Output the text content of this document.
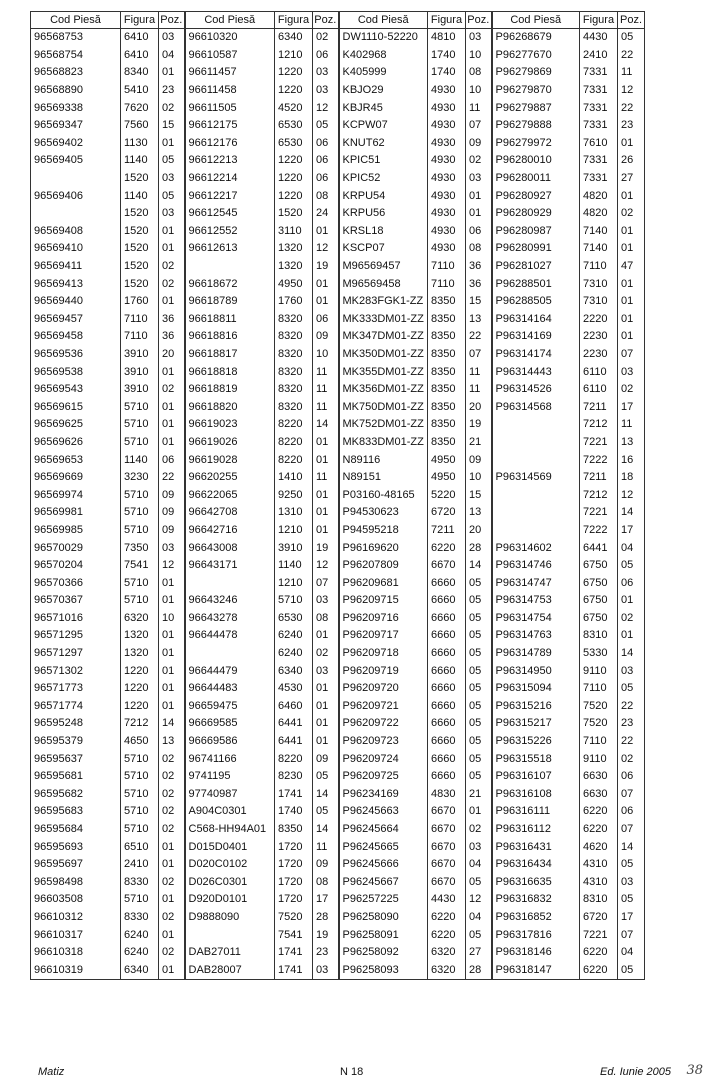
Cod Piesă	Figura	Poz.	Cod Piesă	Figura	Poz.	Cod Piesă	Figura	Poz.	Cod Piesă	Figura	Poz.
96568753	6410	03	96610320	6340	02	DW1110-52220	4810	03	P96268679	4430	05
96568754	6410	04	96610587	1210	06	K402968	1740	10	P96277670	2410	22
96568823	8340	01	96611457	1220	03	K405999	1740	08	P96279869	7331	11
96568890	5410	23	96611458	1220	03	KBJO29	4930	10	P96279870	7331	12
96569338	7620	02	96611505	4520	12	KBJR45	4930	11	P96279887	7331	22
96569347	7560	15	96612175	6530	05	KCPW07	4930	07	P96279888	7331	23
96569402	1130	01	96612176	6530	06	KNUT62	4930	09	P96279972	7610	01
96569405	1140	05	96612213	1220	06	KPIC51	4930	02	P96280010	7331	26
	1520	03	96612214	1220	06	KPIC52	4930	03	P96280011	7331	27
96569406	1140	05	96612217	1220	08	KRPU54	4930	01	P96280927	4820	01
	1520	03	96612545	1520	24	KRPU56	4930	01	P96280929	4820	02
96569408	1520	01	96612552	3110	01	KRSL18	4930	06	P96280987	7140	01
96569410	1520	01	96612613	1320	12	KSCP07	4930	08	P96280991	7140	01
96569411	1520	02		1320	19	M96569457	7110	36	P96281027	7110	47
96569413	1520	02	96618672	4950	01	M96569458	7110	36	P96288501	7310	01
96569440	1760	01	96618789	1760	01	MK283FGK1-ZZ	8350	15	P96288505	7310	01
96569457	7110	36	96618811	8320	06	MK333DM01-ZZ	8350	13	P96314164	2220	01
96569458	7110	36	96618816	8320	09	MK347DM01-ZZ	8350	22	P96314169	2230	01
96569536	3910	20	96618817	8320	10	MK350DM01-ZZ	8350	07	P96314174	2230	07
96569538	3910	01	96618818	8320	11	MK355DM01-ZZ	8350	11	P96314443	6110	03
96569543	3910	02	96618819	8320	11	MK356DM01-ZZ	8350	11	P96314526	6110	02
96569615	5710	01	96618820	8320	11	MK750DM01-ZZ	8350	20	P96314568	7211	17
96569625	5710	01	96619023	8220	14	MK752DM01-ZZ	8350	19		7212	11
96569626	5710	01	96619026	8220	01	MK833DM01-ZZ	8350	21		7221	13
96569653	1140	06	96619028	8220	01	N89116	4950	09		7222	16
96569669	3230	22	96620255	1410	11	N89151	4950	10	P96314569	7211	18
96569974	5710	09	96622065	9250	01	P03160-48165	5220	15		7212	12
96569981	5710	09	96642708	1310	01	P94530623	6720	13		7221	14
96569985	5710	09	96642716	1210	01	P94595218	7211	20		7222	17
96570029	7350	03	96643008	3910	19	P96169620	6220	28	P96314602	6441	04
96570204	7541	12	96643171	1140	12	P96207809	6670	14	P96314746	6750	05
96570366	5710	01		1210	07	P96209681	6660	05	P96314747	6750	06
96570367	5710	01	96643246	5710	03	P96209715	6660	05	P96314753	6750	01
96571016	6320	10	96643278	6530	08	P96209716	6660	05	P96314754	6750	02
96571295	1320	01	96644478	6240	01	P96209717	6660	05	P96314763	8310	01
96571297	1320	01		6240	02	P96209718	6660	05	P96314789	5330	14
96571302	1220	01	96644479	6340	03	P96209719	6660	05	P96314950	9110	03
96571773	1220	01	96644483	4530	01	P96209720	6660	05	P96315094	7110	05
96571774	1220	01	96659475	6460	01	P96209721	6660	05	P96315216	7520	22
96595248	7212	14	96669585	6441	01	P96209722	6660	05	P96315217	7520	23
96595379	4650	13	96669586	6441	01	P96209723	6660	05	P96315226	7110	22
96595637	5710	02	96741166	8220	09	P96209724	6660	05	P96315518	9110	02
96595681	5710	02	9741195	8230	05	P96209725	6660	05	P96316107	6630	06
96595682	5710	02	97740987	1741	14	P96234169	4830	21	P96316108	6630	07
96595683	5710	02	A904C0301	1740	05	P96245663	6670	01	P96316111	6220	06
96595684	5710	02	C568-HH94A01	8350	14	P96245664	6670	02	P96316112	6220	07
96595693	6510	01	D015D0401	1720	11	P96245665	6670	03	P96316431	4620	14
96595697	2410	01	D020C0102	1720	09	P96245666	6670	04	P96316434	4310	05
96598498	8330	02	D026C0301	1720	08	P96245667	6670	05	P96316635	4310	03
96603508	5710	01	D920D0101	1720	17	P96257225	4430	12	P96316832	8310	05
96610312	8330	02	D9888090	7520	28	P96258090	6220	04	P96316852	6720	17
96610317	6240	01		7541	19	P96258091	6220	05	P96317816	7221	07
96610318	6240	02	DAB27011	1741	23	P96258092	6320	27	P96318146	6220	04
96610319	6340	01	DAB28007	1741	03	P96258093	6320	28	P96318147	6220	05
Matiz	N 18	Ed. Iunie 2005 38
